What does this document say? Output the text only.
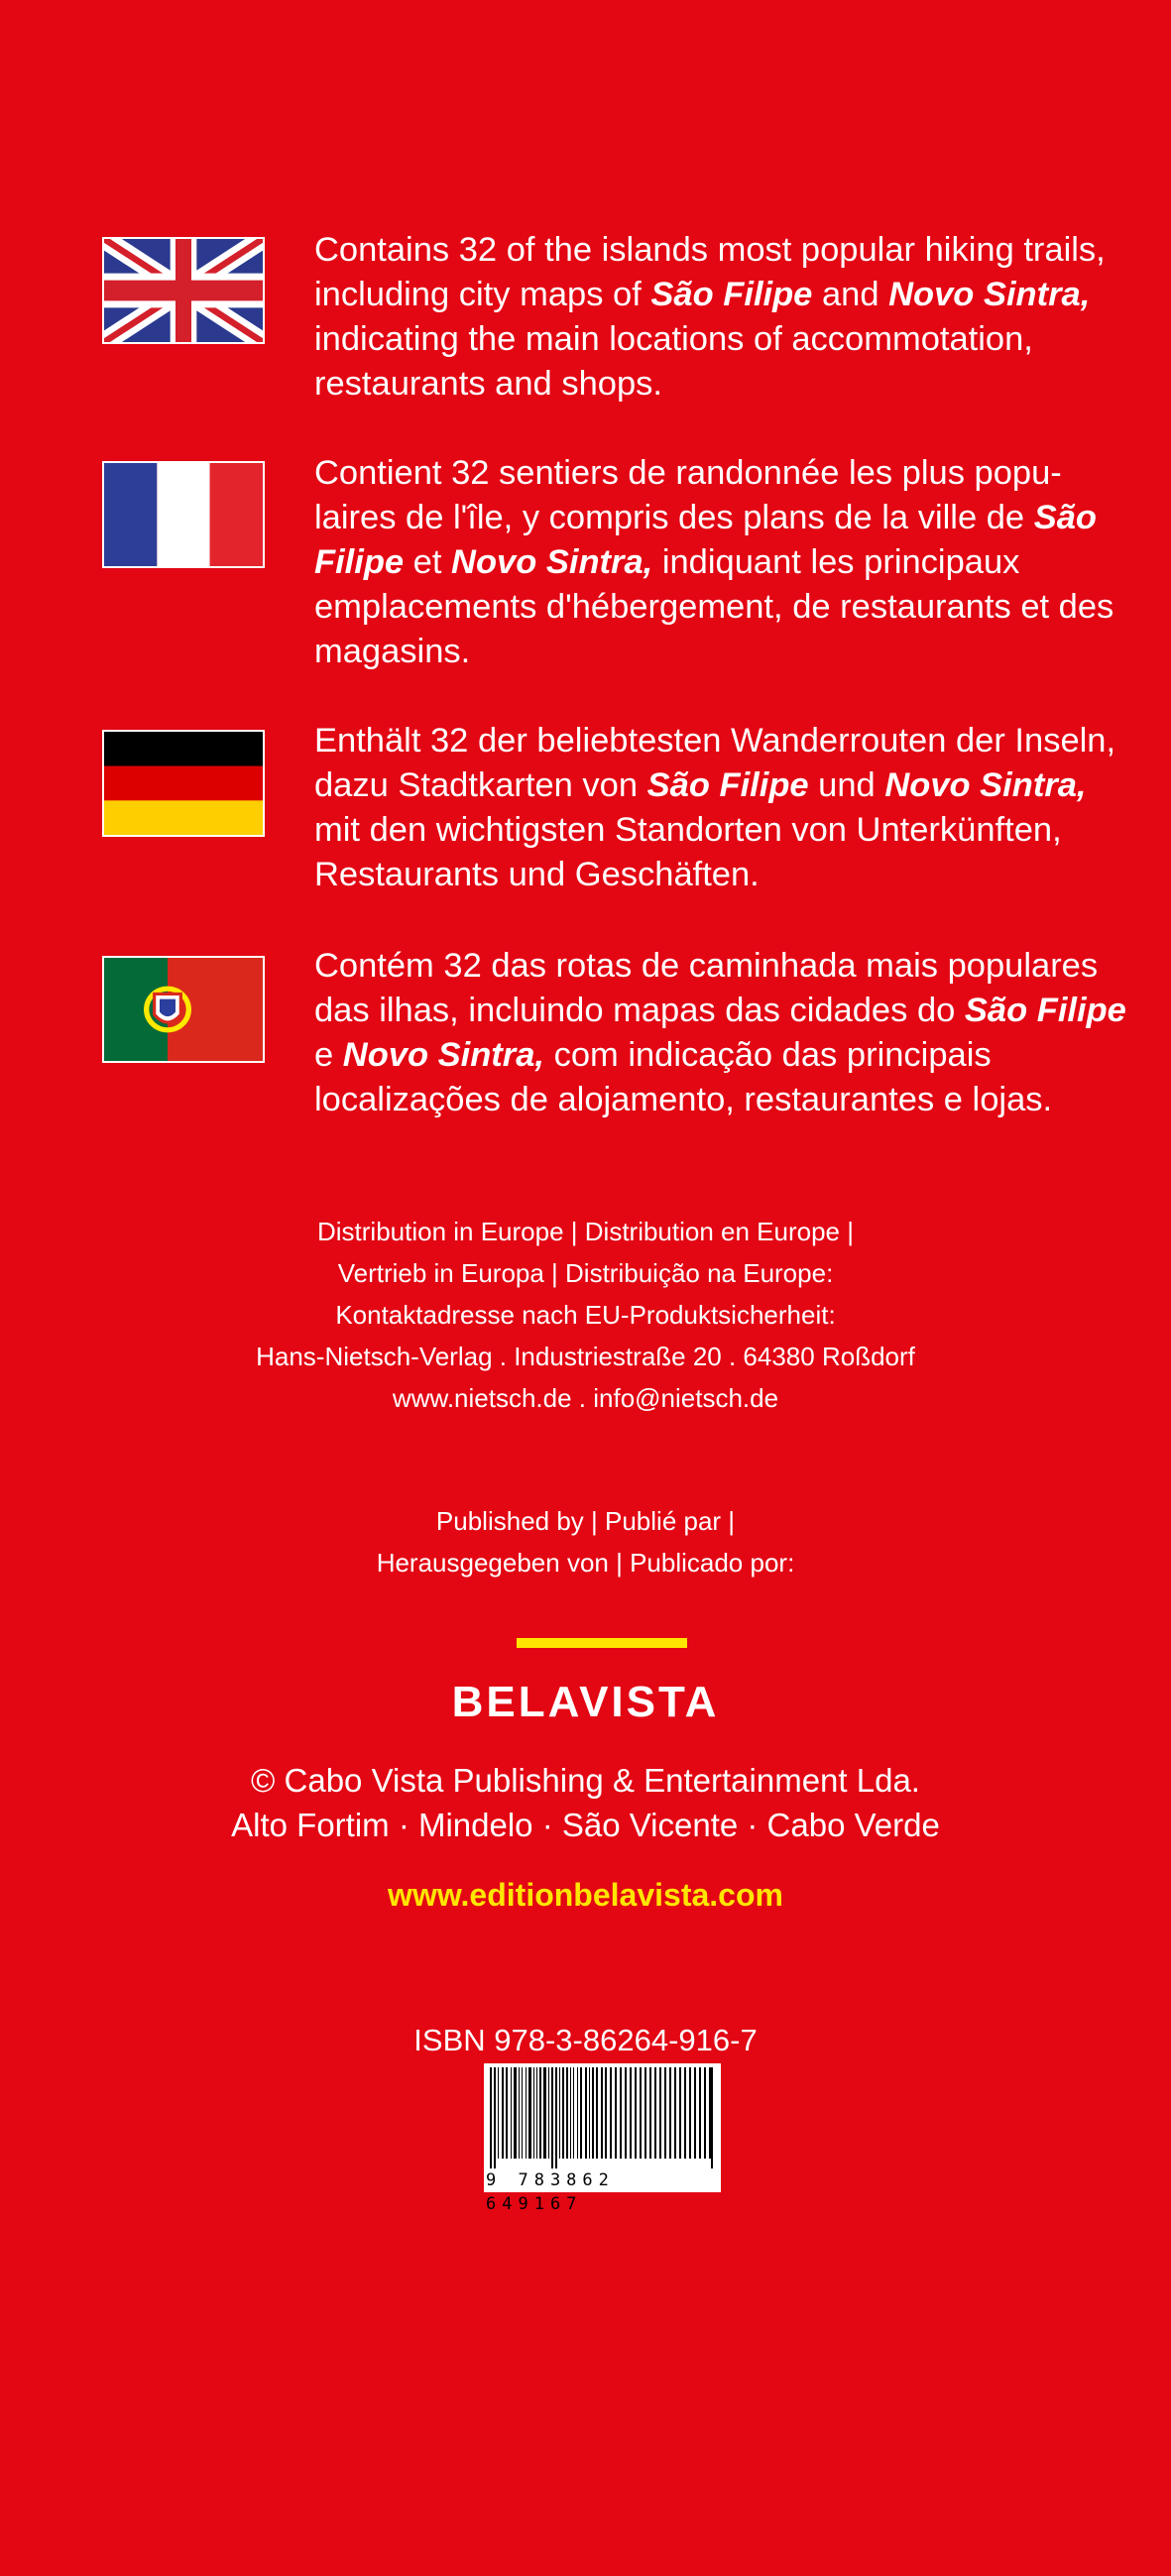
Contains 32 of the islands most popular hiking trails, including city maps of São Filipe and Novo Sintra, indicating the main locations of accommotation, restaurants and shops.

Contient 32 sentiers de randonnée les plus popu-laires de l'île, y compris des plans de la ville de São Filipe et Novo Sintra, indiquant les principaux emplacements d'hébergement, de restaurants et des magasins.

Enthält 32 der beliebtesten Wanderrouten der Inseln, dazu Stadtkarten von São Filipe und Novo Sintra, mit den wichtigsten Standorten von Unterkünften, Restaurants und Geschäften.

Contém 32 das rotas de caminhada mais populares das ilhas, incluindo mapas das cidades do São Filipe e Novo Sintra, com indicação das principais localizações de alojamento, restaurantes e lojas.

Distribution in Europe | Distribution en Europe |

Vertrieb in Europa | Distribuição na Europe:

Kontaktadresse nach EU-Produktsicherheit:

Hans-Nietsch-Verlag . Industriestraße 20 . 64380 Roßdorf

www.nietsch.de . info@nietsch.de

Published by | Publié par |

Herausgegeben von | Publicado por:

BELAVISTA

© Cabo Vista Publishing & Entertainment Lda.

Alto Fortim · Mindelo · São Vicente · Cabo Verde

www.editionbelavista.com
ISBN 978-3-86264-916-7
9 783862 649167
